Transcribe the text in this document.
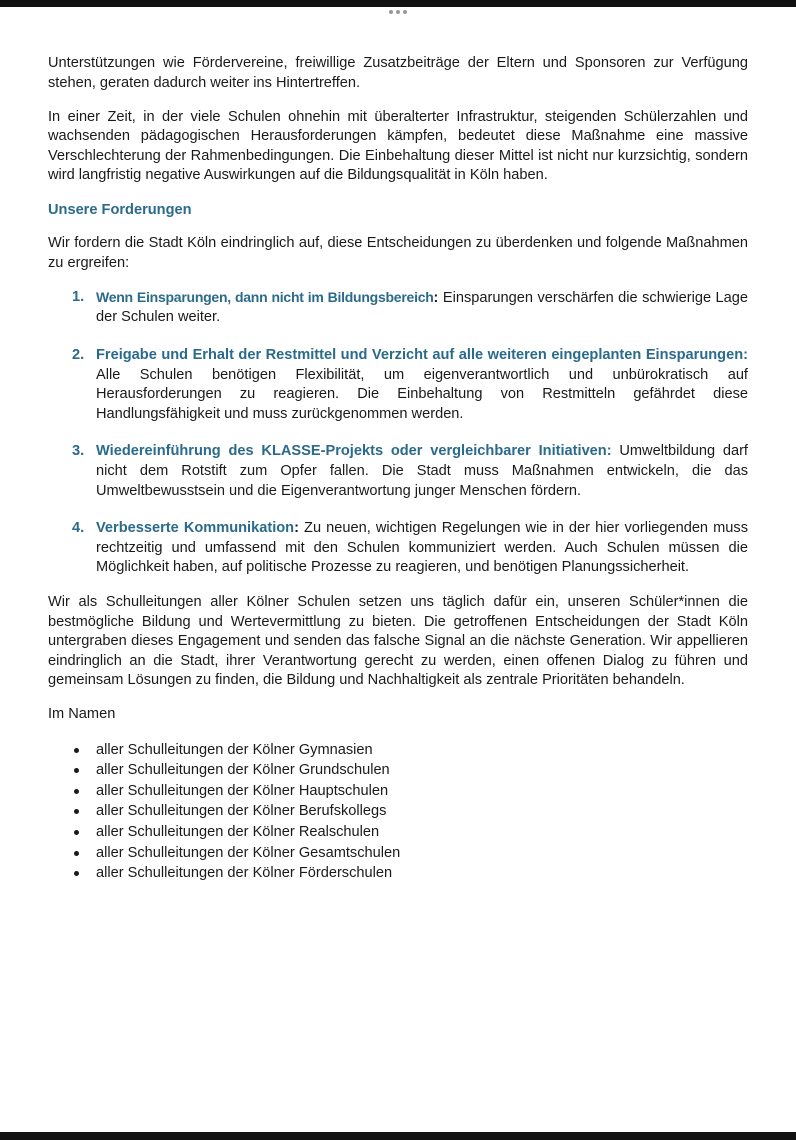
Unterstützungen wie Fördervereine, freiwillige Zusatzbeiträge der Eltern und Sponsoren zur Verfügung stehen, geraten dadurch weiter ins Hintertreffen.

In einer Zeit, in der viele Schulen ohnehin mit überalterter Infrastruktur, steigenden Schülerzahlen und wachsenden pädagogischen Herausforderungen kämpfen, bedeutet diese Maßnahme eine massive Verschlechterung der Rahmenbedingungen. Die Einbehaltung dieser Mittel ist nicht nur kurzsichtig, sondern wird langfristig negative Auswirkungen auf die Bildungsqualität in Köln haben.

Unsere Forderungen

Wir fordern die Stadt Köln eindringlich auf, diese Entscheidungen zu überdenken und folgende Maßnahmen zu ergreifen:

1. Wenn Einsparungen, dann nicht im Bildungsbereich: Einsparungen verschärfen die schwierige Lage der Schulen weiter.
2. Freigabe und Erhalt der Restmittel und Verzicht auf alle weiteren eingeplanten Einsparungen: Alle Schulen benötigen Flexibilität, um eigenverantwortlich und unbürokratisch auf Herausforderungen zu reagieren. Die Einbehaltung von Restmitteln gefährdet diese Handlungsfähigkeit und muss zurückgenommen werden.
3. Wiedereinführung des KLASSE-Projekts oder vergleichbarer Initiativen: Umweltbildung darf nicht dem Rotstift zum Opfer fallen. Die Stadt muss Maßnahmen entwickeln, die das Umweltbewusstsein und die Eigenverantwortung junger Menschen fördern.
4. Verbesserte Kommunikation: Zu neuen, wichtigen Regelungen wie in der hier vorliegenden muss rechtzeitig und umfassend mit den Schulen kommuniziert werden. Auch Schulen müssen die Möglichkeit haben, auf politische Prozesse zu reagieren, und benötigen Planungssicherheit.

Wir als Schulleitungen aller Kölner Schulen setzen uns täglich dafür ein, unseren Schüler*innen die bestmögliche Bildung und Wertevermittlung zu bieten. Die getroffenen Entscheidungen der Stadt Köln untergraben dieses Engagement und senden das falsche Signal an die nächste Generation. Wir appellieren eindringlich an die Stadt, ihrer Verantwortung gerecht zu werden, einen offenen Dialog zu führen und gemeinsam Lösungen zu finden, die Bildung und Nachhaltigkeit als zentrale Prioritäten behandeln.

Im Namen

aller Schulleitungen der Kölner Gymnasien
aller Schulleitungen der Kölner Grundschulen
aller Schulleitungen der Kölner Hauptschulen
aller Schulleitungen der Kölner Berufskollegs
aller Schulleitungen der Kölner Realschulen
aller Schulleitungen der Kölner Gesamtschulen
aller Schulleitungen der Kölner Förderschulen
